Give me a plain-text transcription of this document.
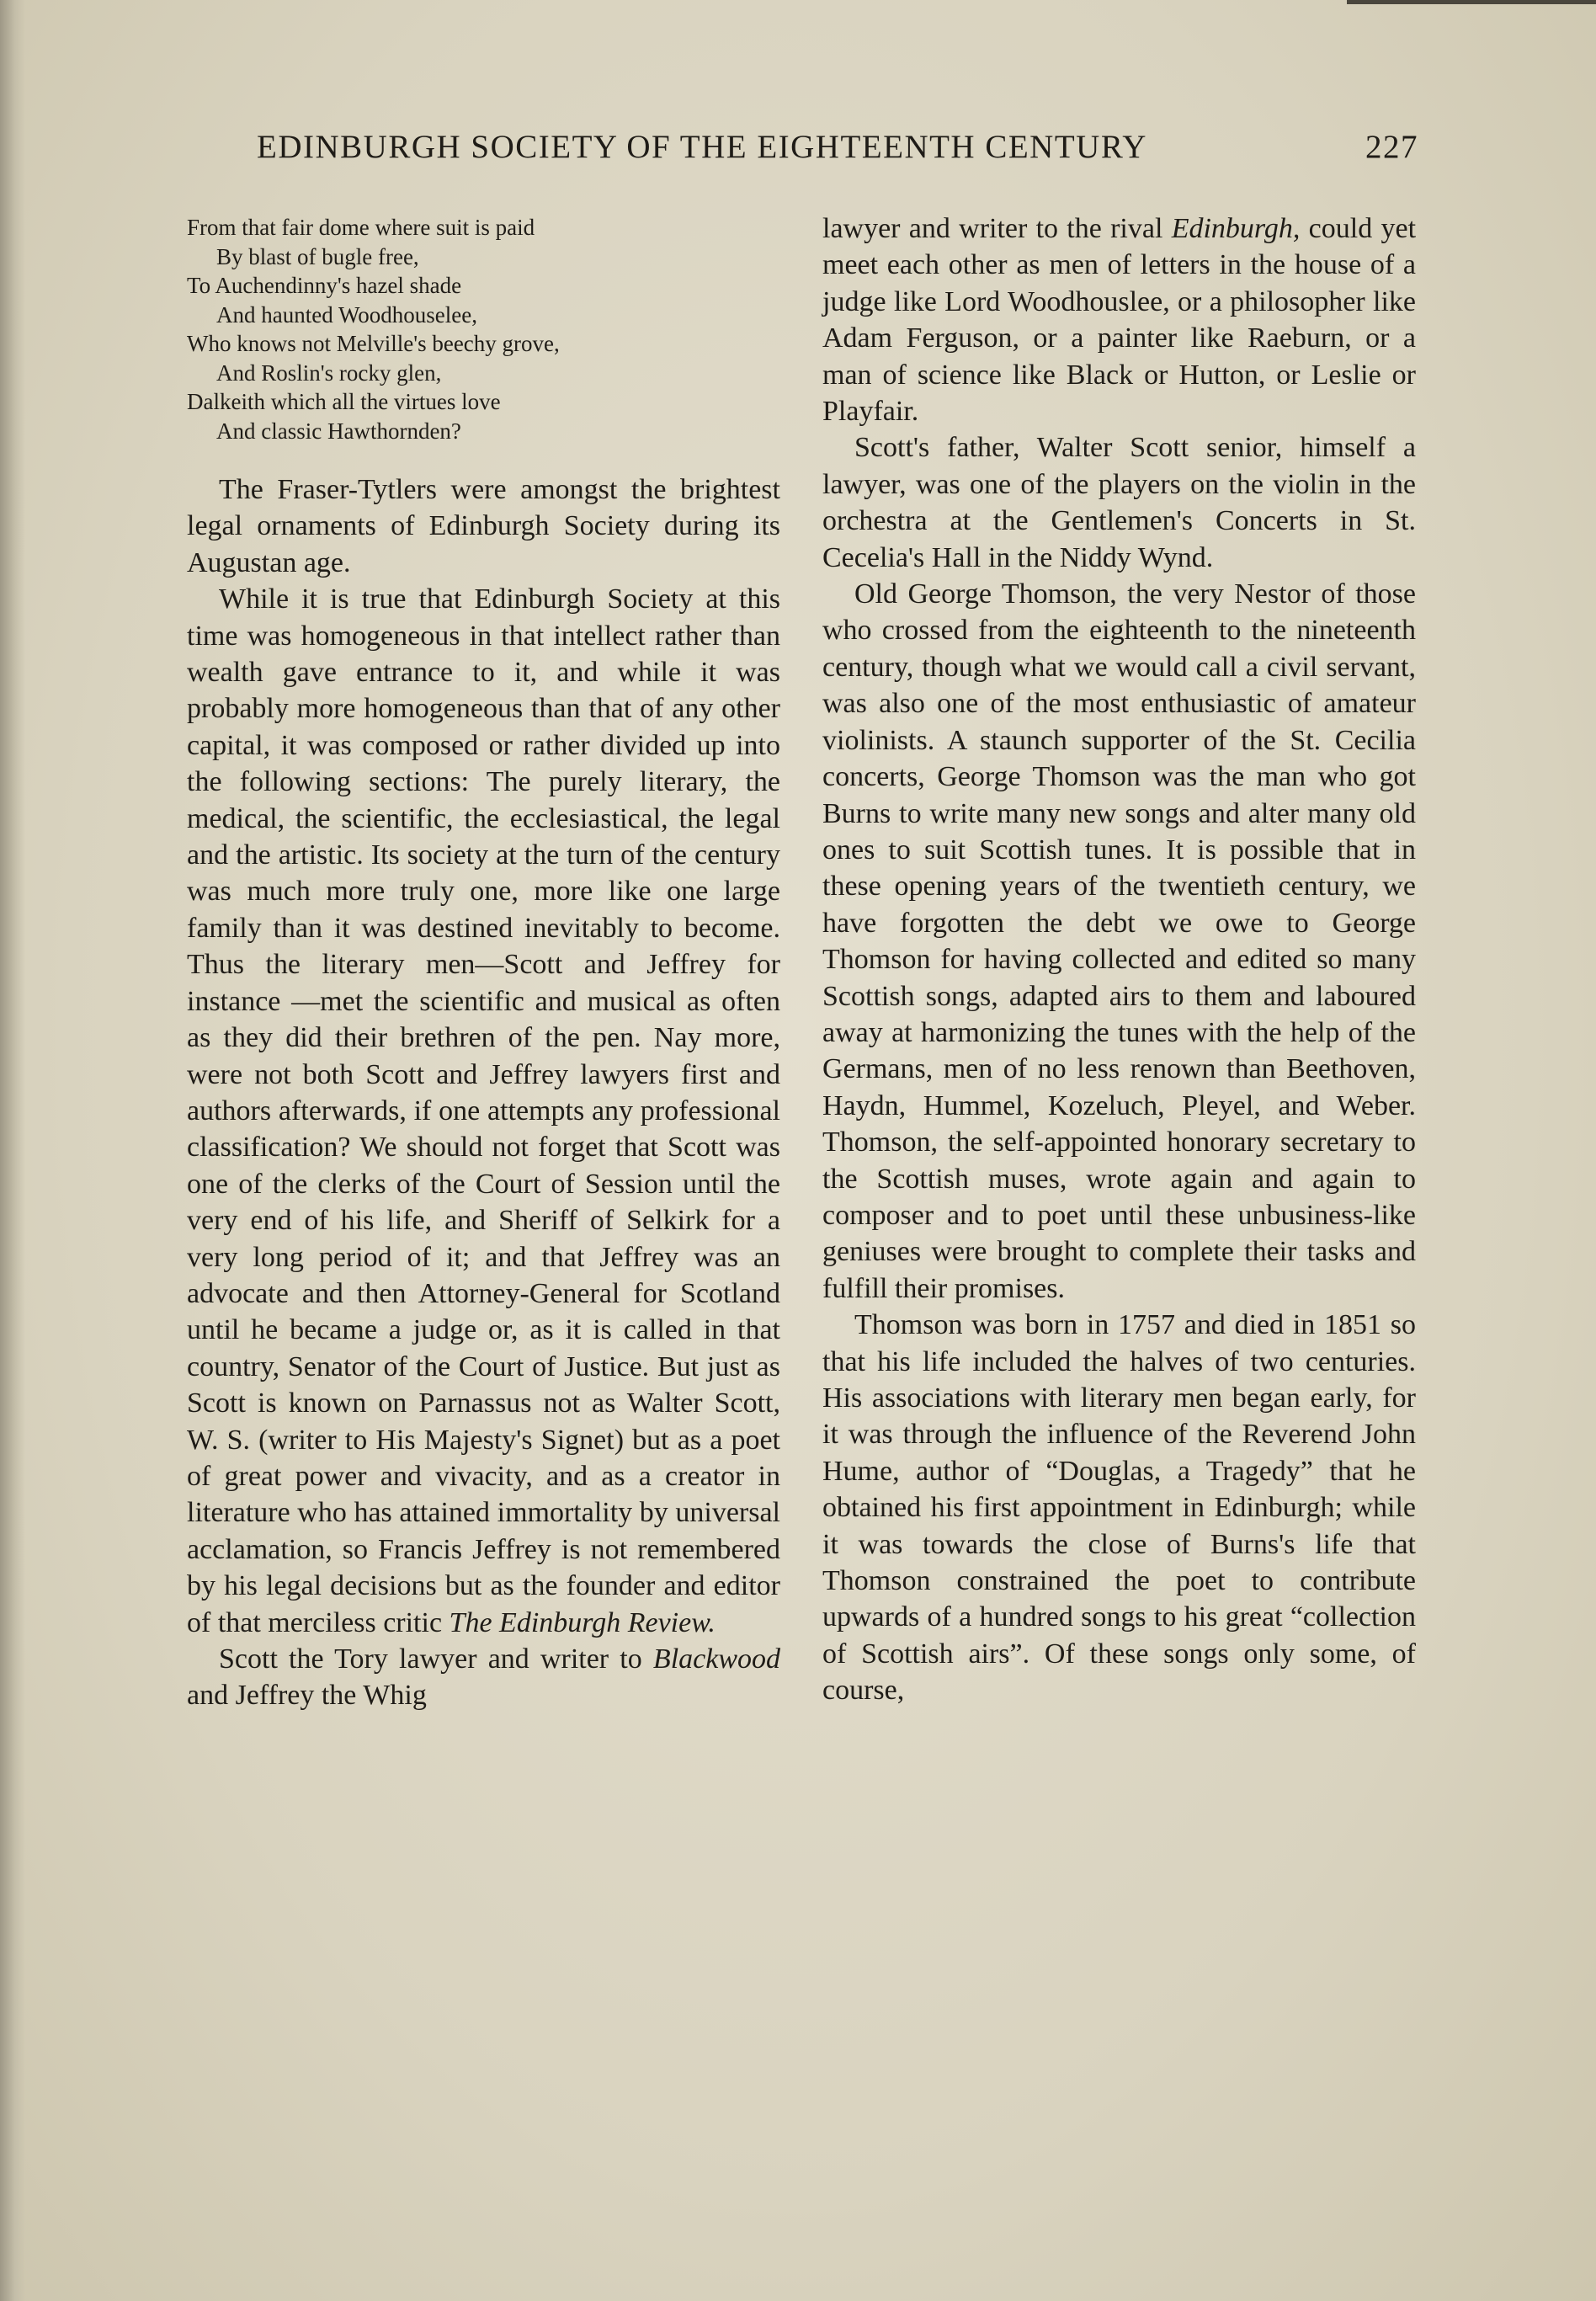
EDINBURGH SOCIETY OF THE EIGHTEENTH CENTURY	227
From that fair dome where suit is paid
By blast of bugle free,
To Auchendinny's hazel shade
And haunted Woodhouselee,
Who knows not Melville's beechy grove,
And Roslin's rocky glen,
Dalkeith which all the virtues love
And classic Hawthornden?

The Fraser-Tytlers were amongst the brightest legal ornaments of Edinburgh Society during its Augustan age.

While it is true that Edinburgh Society at this time was homogeneous in that intellect rather than wealth gave entrance to it, and while it was probably more homogeneous than that of any other capital, it was composed or rather divided up into the following sections: The purely literary, the medical, the scientific, the ecclesiastical, the legal and the artistic. Its society at the turn of the century was much more truly one, more like one large family than it was destined inevitably to become. Thus the literary men—Scott and Jeffrey for instance —met the scientific and musical as often as they did their brethren of the pen. Nay more, were not both Scott and Jeffrey lawyers first and authors afterwards, if one attempts any professional classification? We should not forget that Scott was one of the clerks of the Court of Session until the very end of his life, and Sheriff of Selkirk for a very long period of it; and that Jeffrey was an advocate and then Attorney-General for Scotland until he became a judge or, as it is called in that country, Senator of the Court of Justice. But just as Scott is known on Parnassus not as Walter Scott, W. S. (writer to His Majesty's Signet) but as a poet of great power and vivacity, and as a creator in literature who has attained immortality by universal acclamation, so Francis Jeffrey is not remembered by his legal decisions but as the founder and editor of that merciless critic The Edinburgh Review.

Scott the Tory lawyer and writer to Blackwood and Jeffrey the Whig

lawyer and writer to the rival Edinburgh, could yet meet each other as men of letters in the house of a judge like Lord Woodhouslee, or a philosopher like Adam Ferguson, or a painter like Raeburn, or a man of science like Black or Hutton, or Leslie or Playfair.

Scott's father, Walter Scott senior, himself a lawyer, was one of the players on the violin in the orchestra at the Gentlemen's Concerts in St. Cecelia's Hall in the Niddy Wynd.

Old George Thomson, the very Nestor of those who crossed from the eighteenth to the nineteenth century, though what we would call a civil servant, was also one of the most enthusiastic of amateur violinists. A staunch supporter of the St. Cecilia concerts, George Thomson was the man who got Burns to write many new songs and alter many old ones to suit Scottish tunes. It is possible that in these opening years of the twentieth century, we have forgotten the debt we owe to George Thomson for having collected and edited so many Scottish songs, adapted airs to them and laboured away at harmonizing the tunes with the help of the Germans, men of no less renown than Beethoven, Haydn, Hummel, Kozeluch, Pleyel, and Weber. Thomson, the self-appointed honorary secretary to the Scottish muses, wrote again and again to composer and to poet until these unbusiness-like geniuses were brought to complete their tasks and fulfill their promises.

Thomson was born in 1757 and died in 1851 so that his life included the halves of two centuries. His associations with literary men began early, for it was through the influence of the Reverend John Hume, author of “Douglas, a Tragedy” that he obtained his first appointment in Edinburgh; while it was towards the close of Burns's life that Thomson constrained the poet to contribute upwards of a hundred songs to his great “collection of Scottish airs”. Of these songs only some, of course,
